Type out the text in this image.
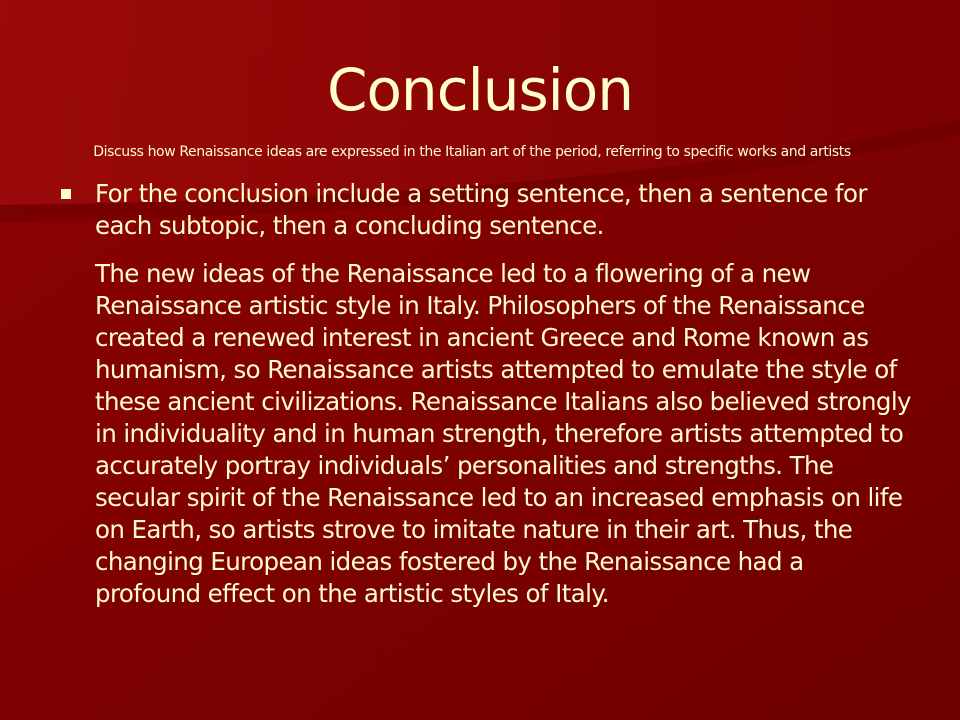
Conclusion
Discuss how Renaissance ideas are expressed in the Italian art of the period, referring to specific works and artists
For the conclusion include a setting sentence, then a sentence for each subtopic, then a concluding sentence.

The new ideas of the Renaissance led to a flowering of a new Renaissance artistic style in Italy. Philosophers of the Renaissance created a renewed interest in ancient Greece and Rome known as humanism, so Renaissance artists attempted to emulate the style of these ancient civilizations. Renaissance Italians also believed strongly in individuality and in human strength, therefore artists attempted to accurately portray individuals’ personalities and strengths. The secular spirit of the Renaissance led to an increased emphasis on life on Earth, so artists strove to imitate nature in their art. Thus, the changing European ideas fostered by the Renaissance had a profound effect on the artistic styles of Italy.
